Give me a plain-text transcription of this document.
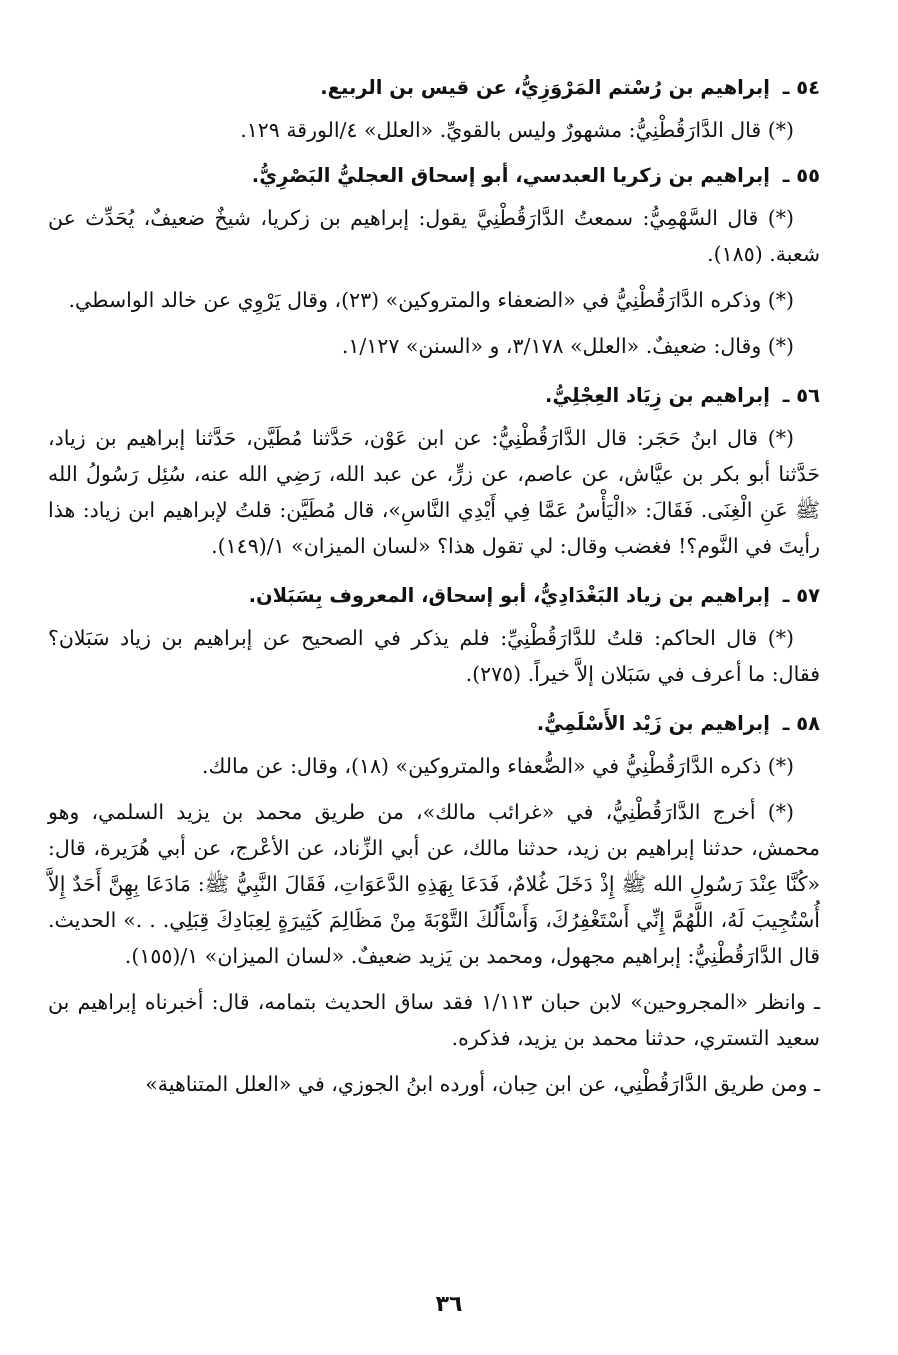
٥٤ ـ إبراهيم بن رُسْتم المَرْوَزِيُّ، عن قيس بن الربيع.

(*) قال الدَّارَقُطْنِيُّ: مشهورٌ وليس بالقويِّ. «العلل» ٤/الورقة ١٢٩.

٥٥ ـ إبراهيم بن زكريا العبدسي، أبو إسحاق العجليُّ البَصْرِيُّ.

(*) قال السَّهْمِيُّ: سمعتُ الدَّارَقُطْنِيَّ يقول: إبراهيم بن زكريا، شيخٌ ضعيفٌ، يُحَدِّث عن شعبة. (١٨٥).

(*) وذكره الدَّارَقُطْنِيُّ في «الضعفاء والمتروكين» (٢٣)، وقال يَرْوِي عن خالد الواسطي.

(*) وقال: ضعيفٌ. «العلل» ٣/١٧٨، و «السنن» ١/١٢٧.

٥٦ ـ إبراهيم بن زِيَاد العِجْلِيُّ.

(*) قال ابنُ حَجَر: قال الدَّارَقُطْنِيُّ: عن ابن عَوْن، حَدَّثنا مُطَيَّن، حَدَّثنا إبراهيم بن زياد، حَدَّثنا أبو بكر بن عيَّاش، عن عاصم، عن زرٍّ، عن عبد الله، رَضِي الله عنه، سُئِل رَسُولُ الله ﷺ عَنِ الْغِنَى. فَقَالَ: «الْيَأْسُ عَمَّا فِي أَيْدِي النَّاسِ»، قال مُطَيَّن: قلتُ لإبراهيم ابن زياد: هذا رأيتَ في النَّوم؟! فغضب وقال: لي تقول هذا؟ «لسان الميزان» ١/(١٤٩).

٥٧ ـ إبراهيم بن زياد البَغْدَادِيُّ، أبو إسحاق، المعروف بِسَبَلان.

(*) قال الحاكم: قلتُ للدَّارَقُطْنِيِّ: فلم يذكر في الصحيح عن إبراهيم بن زياد سَبَلان؟ فقال: ما أعرف في سَبَلان إلاَّ خيراً. (٢٧٥).

٥٨ ـ إبراهيم بن زَيْد الأَسْلَمِيُّ.

(*) ذكره الدَّارَقُطْنِيُّ في «الضُّعفاء والمتروكين» (١٨)، وقال: عن مالك.

(*) أخرج الدَّارَقُطْنِيُّ، في «غرائب مالك»، من طريق محمد بن يزيد السلمي، وهو محمش، حدثنا إبراهيم بن زيد، حدثنا مالك، عن أبي الزِّناد، عن الأعْرج، عن أبي هُرَيرة، قال: «كُنَّا عِنْدَ رَسُولِ الله ﷺ إِذْ دَخَلَ غُلامٌ، فَدَعَا بِهَذِهِ الدَّعَوَاتِ، فَقَالَ النَّبِيُّ ﷺ: مَادَعَا بِهِنَّ أَحَدٌ إِلاَّ أُسْتُجِيبَ لَهُ، اللَّهُمَّ إِنِّي أَسْتَغْفِرُكَ، وَأَسْأَلُكَ التَّوْبَةَ مِنْ مَظَالِمَ كَثِيرَةٍ لِعِبَادِكَ قِبَلِي. . .» الحديث. قال الدَّارَقُطْنِيُّ: إبراهيم مجهول، ومحمد بن يَزيد ضعيفٌ. «لسان الميزان» ١/(١٥٥).

ـ وانظر «المجروحين» لابن حبان ١/١١٣ فقد ساق الحديث بتمامه، قال: أخبرناه إبراهيم بن سعيد التستري، حدثنا محمد بن يزيد، فذكره.

ـ ومن طريق الدَّارَقُطْنِي، عن ابن حِبان، أورده ابنُ الجوزي، في «العلل المتناهية»

٣٦
